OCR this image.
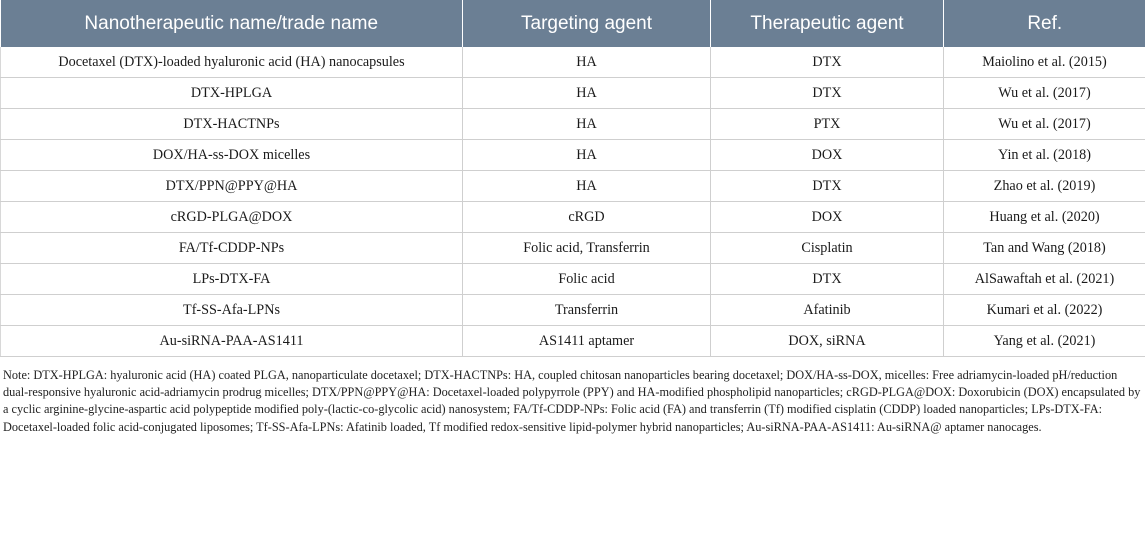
Nanotherapeutic name/trade name	Targeting agent	Therapeutic agent	Ref.
Docetaxel (DTX)-loaded hyaluronic acid (HA) nanocapsules	HA	DTX	Maiolino et al. (2015)
DTX-HPLGA	HA	DTX	Wu et al. (2017)
DTX-HACTNPs	HA	PTX	Wu et al. (2017)
DOX/HA-ss-DOX micelles	HA	DOX	Yin et al. (2018)
DTX/PPN@PPY@HA	HA	DTX	Zhao et al. (2019)
cRGD-PLGA@DOX	cRGD	DOX	Huang et al. (2020)
FA/Tf-CDDP-NPs	Folic acid, Transferrin	Cisplatin	Tan and Wang (2018)
LPs-DTX-FA	Folic acid	DTX	AlSawaftah et al. (2021)
Tf-SS-Afa-LPNs	Transferrin	Afatinib	Kumari et al. (2022)
Au-siRNA-PAA-AS1411	AS1411 aptamer	DOX, siRNA	Yang et al. (2021)
Note: DTX-HPLGA: hyaluronic acid (HA) coated PLGA, nanoparticulate docetaxel; DTX-HACTNPs: HA, coupled chitosan nanoparticles bearing docetaxel; DOX/HA-ss-DOX, micelles: Free adriamycin-loaded pH/reduction dual-responsive hyaluronic acid-adriamycin prodrug micelles; DTX/PPN@PPY@HA: Docetaxel-loaded polypyrrole (PPY) and HA-modified phospholipid nanoparticles; cRGD-PLGA@DOX: Doxorubicin (DOX) encapsulated by a cyclic arginine-glycine-aspartic acid polypeptide modified poly-(lactic-co-glycolic acid) nanosystem; FA/Tf-CDDP-NPs: Folic acid (FA) and transferrin (Tf) modified cisplatin (CDDP) loaded nanoparticles; LPs-DTX-FA: Docetaxel-loaded folic acid-conjugated liposomes; Tf-SS-Afa-LPNs: Afatinib loaded, Tf modified redox-sensitive lipid-polymer hybrid nanoparticles; Au-siRNA-PAA-AS1411: Au-siRNA@ aptamer nanocages.
